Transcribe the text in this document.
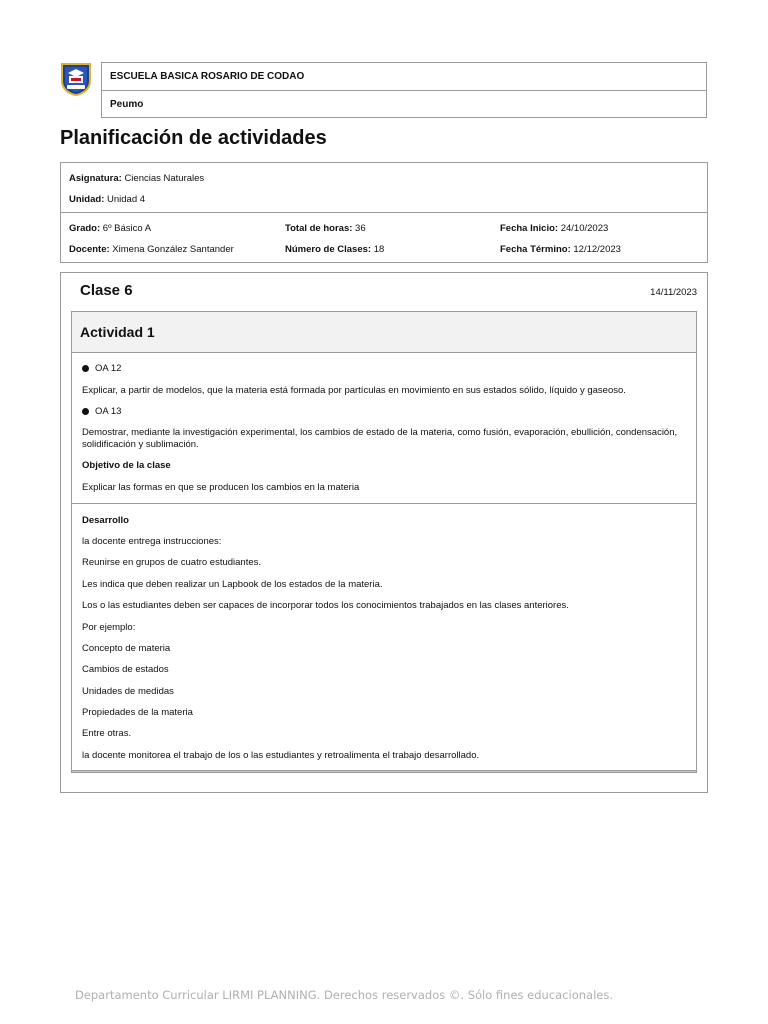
ESCUELA BASICA ROSARIO DE CODAO
Peumo
Planificación de actividades
Asignatura: Ciencias Naturales
Unidad: Unidad 4
Grado: 6º Básico A
Docente: Ximena González Santander
Total de horas: 36
Número de Clases: 18
Fecha Inicio: 24/10/2023
Fecha Término: 12/12/2023
Clase 6	14/11/2023
Actividad 1
OA 12
Explicar, a partir de modelos, que la materia está formada por partículas en movimiento en sus estados sólido, líquido y gaseoso.
OA 13
Demostrar, mediante la investigación experimental, los cambios de estado de la materia, como fusión, evaporación, ebullición, condensación, solidificación y sublimación.
Objetivo de la clase
Explicar las formas en que se producen los cambios en la materia
Desarrollo
la docente entrega instrucciones:
Reunirse en grupos de cuatro estudiantes.
Les indica que deben realizar un Lapbook de los estados de la materia.
Los o las estudiantes deben ser capaces de incorporar todos los conocimientos trabajados en las clases anteriores.
Por ejemplo:
Concepto de materia
Cambios de estados
Unidades de medidas
Propiedades de la materia
Entre otras.
la docente monitorea el trabajo de los o las estudiantes y retroalimenta el trabajo desarrollado.
Departamento Curricular LIRMI PLANNING. Derechos reservados ©. Sólo fines educacionales.
